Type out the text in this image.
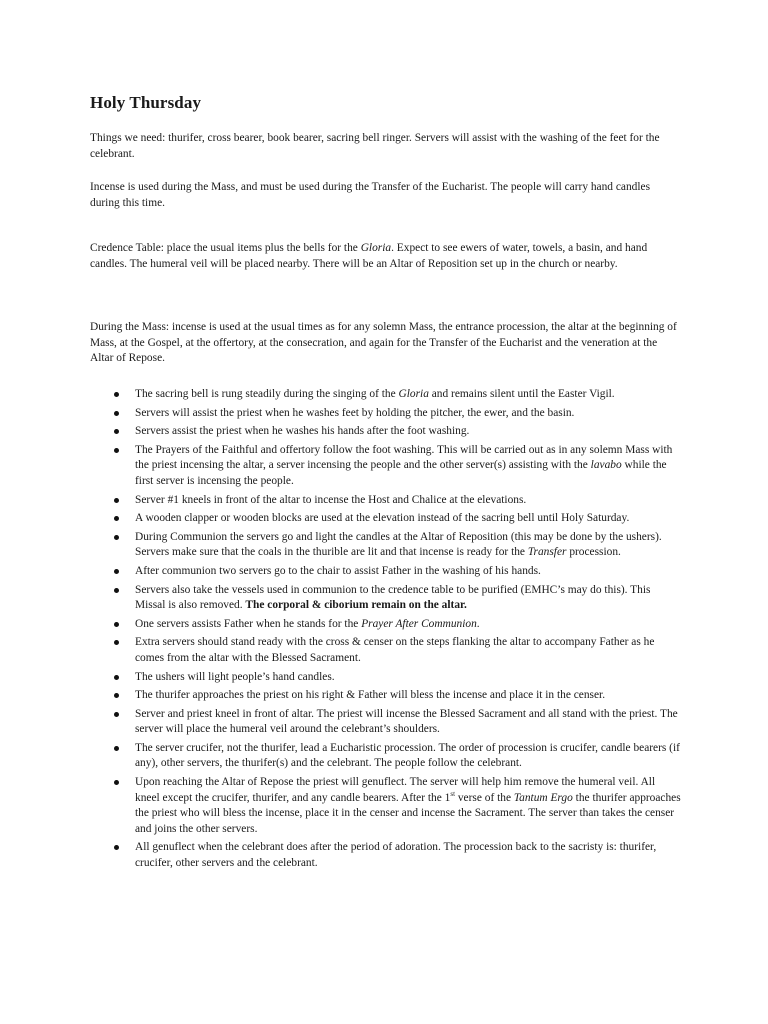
Holy Thursday

Things we need: thurifer, cross bearer, book bearer, sacring bell ringer. Servers will assist with the washing of the feet for the celebrant.

Incense is used during the Mass, and must be used during the Transfer of the Eucharist. The people will carry hand candles during this time.

Credence Table: place the usual items plus the bells for the Gloria. Expect to see ewers of water, towels, a basin, and hand candles. The humeral veil will be placed nearby. There will be an Altar of Reposition set up in the church or nearby.

During the Mass: incense is used at the usual times as for any solemn Mass, the entrance procession, the altar at the beginning of Mass, at the Gospel, at the offertory, at the consecration, and again for the Transfer of the Eucharist and the veneration at the Altar of Repose.

The sacring bell is rung steadily during the singing of the Gloria and remains silent until the Easter Vigil.
Servers will assist the priest when he washes feet by holding the pitcher, the ewer, and the basin.
Servers assist the priest when he washes his hands after the foot washing.
The Prayers of the Faithful and offertory follow the foot washing. This will be carried out as in any solemn Mass with the priest incensing the altar, a server incensing the people and the other server(s) assisting with the lavabo while the first server is incensing the people.
Server #1 kneels in front of the altar to incense the Host and Chalice at the elevations.
A wooden clapper or wooden blocks are used at the elevation instead of the sacring bell until Holy Saturday.
During Communion the servers go and light the candles at the Altar of Reposition (this may be done by the ushers). Servers make sure that the coals in the thurible are lit and that incense is ready for the Transfer procession.
After communion two servers go to the chair to assist Father in the washing of his hands.
Servers also take the vessels used in communion to the credence table to be purified (EMHC’s may do this). This Missal is also removed. The corporal & ciborium remain on the altar.
One servers assists Father when he stands for the Prayer After Communion.
Extra servers should stand ready with the cross & censer on the steps flanking the altar to accompany Father as he comes from the altar with the Blessed Sacrament.
The ushers will light people’s hand candles.
The thurifer approaches the priest on his right & Father will bless the incense and place it in the censer.
Server and priest kneel in front of altar. The priest will incense the Blessed Sacrament and all stand with the priest. The server will place the humeral veil around the celebrant’s shoulders.
The server crucifer, not the thurifer, lead a Eucharistic procession. The order of procession is crucifer, candle bearers (if any), other servers, the thurifer(s) and the celebrant. The people follow the celebrant.
Upon reaching the Altar of Repose the priest will genuflect. The server will help him remove the humeral veil. All kneel except the crucifer, thurifer, and any candle bearers. After the 1st verse of the Tantum Ergo the thurifer approaches the priest who will bless the incense, place it in the censer and incense the Sacrament. The server than takes the censer and joins the other servers.
All genuflect when the celebrant does after the period of adoration. The procession back to the sacristy is: thurifer, crucifer, other servers and the celebrant.
